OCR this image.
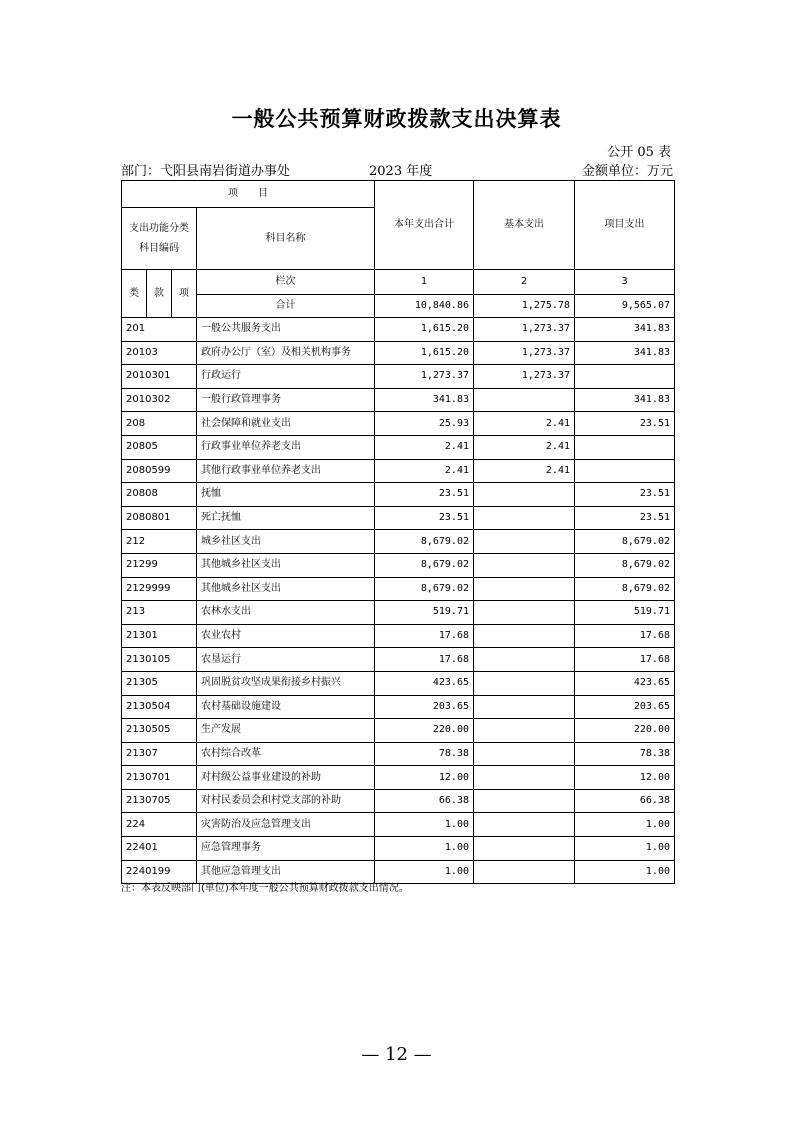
一般公共预算财政拨款支出决算表
公开 05 表
部门：弋阳县南岩街道办事处	2023 年度	金额单位：万元
项　　目				本年支出合计	基本支出	项目支出

支出功能分类
科目编码			科目名称			
类	款	项	栏次	1	2	3
			合计	10,840.86	1,275.78	9,565.07
201			一般公共服务支出	1,615.20	1,273.37	341.83
20103			政府办公厅（室）及相关机构事务	1,615.20	1,273.37	341.83
2010301			行政运行	1,273.37	1,273.37	
2010302			一般行政管理事务	341.83		341.83
208			社会保障和就业支出	25.93	2.41	23.51
20805			行政事业单位养老支出	2.41	2.41	
2080599			其他行政事业单位养老支出	2.41	2.41	
20808			抚恤	23.51		23.51
2080801			死亡抚恤	23.51		23.51
212			城乡社区支出	8,679.02		8,679.02
21299			其他城乡社区支出	8,679.02		8,679.02
2129999			其他城乡社区支出	8,679.02		8,679.02
213			农林水支出	519.71		519.71
21301			农业农村	17.68		17.68
2130105			农垦运行	17.68		17.68
21305			巩固脱贫攻坚成果衔接乡村振兴	423.65		423.65
2130504			农村基础设施建设	203.65		203.65
2130505			生产发展	220.00		220.00
21307			农村综合改革	78.38		78.38
2130701			对村级公益事业建设的补助	12.00		12.00
2130705			对村民委员会和村党支部的补助	66.38		66.38
224			灾害防治及应急管理支出	1.00		1.00
22401			应急管理事务	1.00		1.00
2240199			其他应急管理支出	1.00		1.00
注：本表反映部门(单位)本年度一般公共预算财政拨款支出情况。
— 12 —
